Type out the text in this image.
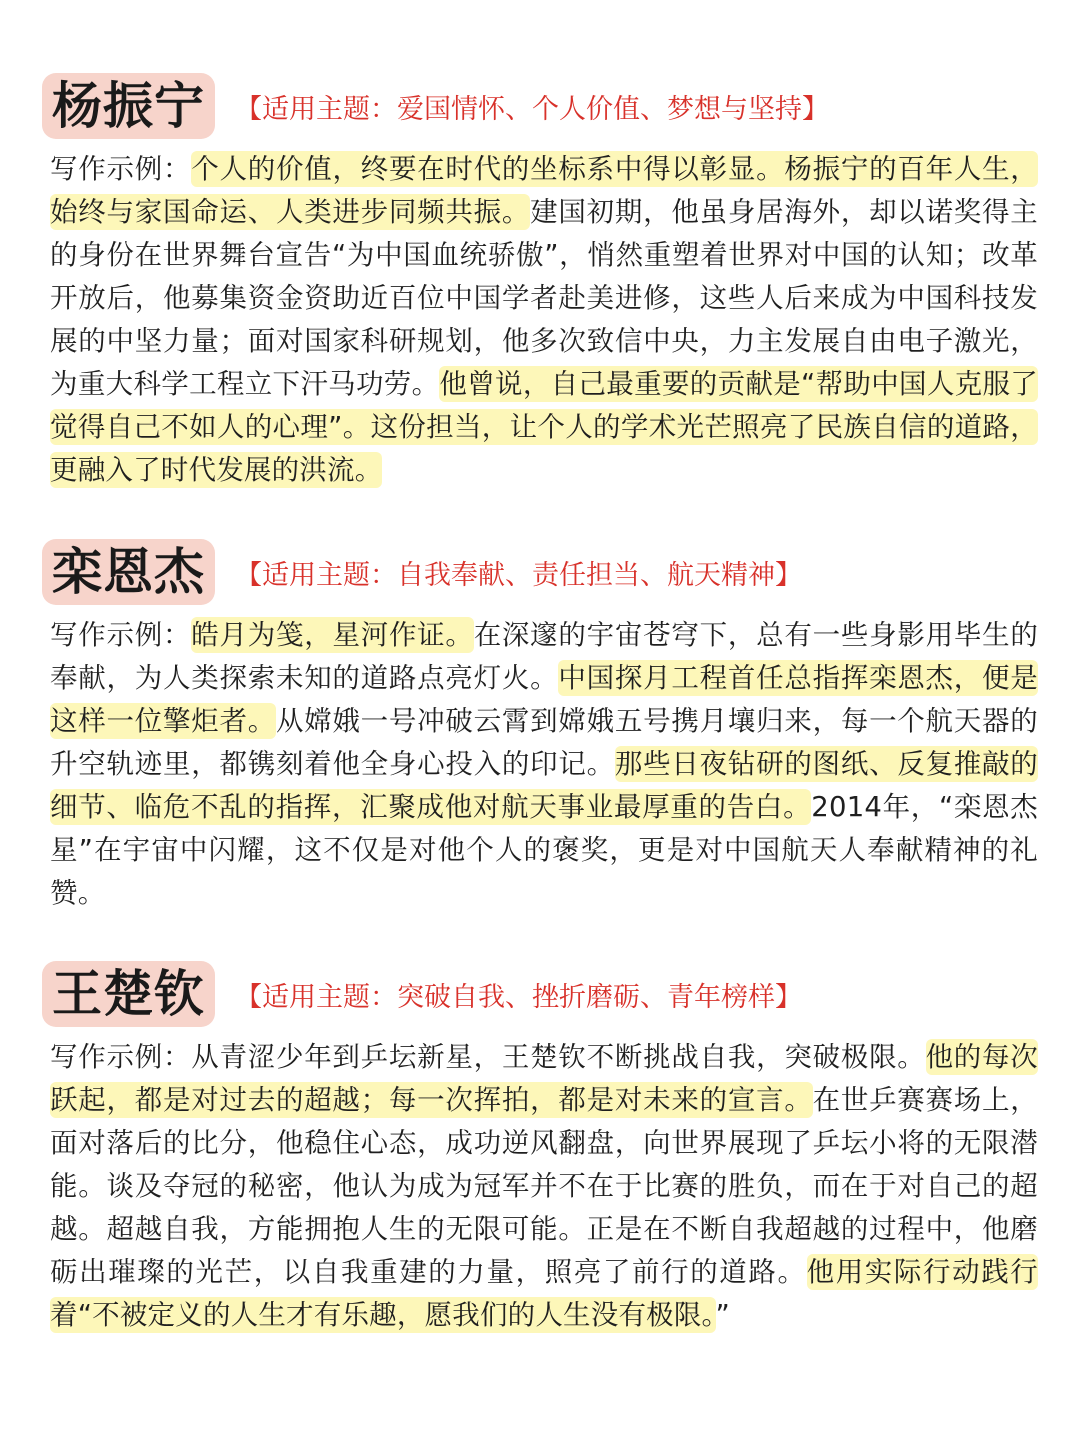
杨振宁	【适用主题：爱国情怀、个人价值、梦想与坚持】
写作示例：个人的价值，终要在时代的坐标系中得以彰显。杨振宁的百年人生，始终与家国命运、人类进步同频共振。建国初期，他虽身居海外，却以诺奖得主的身份在世界舞台宣告“为中国血统骄傲”，悄然重塑着世界对中国的认知；改革开放后，他募集资金资助近百位中国学者赴美进修，这些人后来成为中国科技发展的中坚力量；面对国家科研规划，他多次致信中央，力主发展自由电子激光，为重大科学工程立下汗马功劳。他曾说，自己最重要的贡献是“帮助中国人克服了觉得自己不如人的心理”。这份担当，让个人的学术光芒照亮了民族自信的道路，更融入了时代发展的洪流。
栾恩杰	【适用主题：自我奉献、责任担当、航天精神】
写作示例：皓月为笺，星河作证。在深邃的宇宙苍穹下，总有一些身影用毕生的奉献，为人类探索未知的道路点亮灯火。中国探月工程首任总指挥栾恩杰，便是这样一位擎炬者。从嫦娥一号冲破云霄到嫦娥五号携月壤归来，每一个航天器的升空轨迹里，都镌刻着他全身心投入的印记。那些日夜钻研的图纸、反复推敲的细节、临危不乱的指挥，汇聚成他对航天事业最厚重的告白。2014年，“栾恩杰星”在宇宙中闪耀，这不仅是对他个人的褒奖，更是对中国航天人奉献精神的礼赞。
王楚钦	【适用主题：突破自我、挫折磨砺、青年榜样】
写作示例：从青涩少年到乒坛新星，王楚钦不断挑战自我，突破极限。他的每次跃起，都是对过去的超越；每一次挥拍，都是对未来的宣言。在世乒赛赛场上，面对落后的比分，他稳住心态，成功逆风翻盘，向世界展现了乒坛小将的无限潜能。谈及夺冠的秘密，他认为成为冠军并不在于比赛的胜负，而在于对自己的超越。超越自我，方能拥抱人生的无限可能。正是在不断自我超越的过程中，他磨砺出璀璨的光芒，以自我重建的力量，照亮了前行的道路。他用实际行动践行着“不被定义的人生才有乐趣，愿我们的人生没有极限。”
